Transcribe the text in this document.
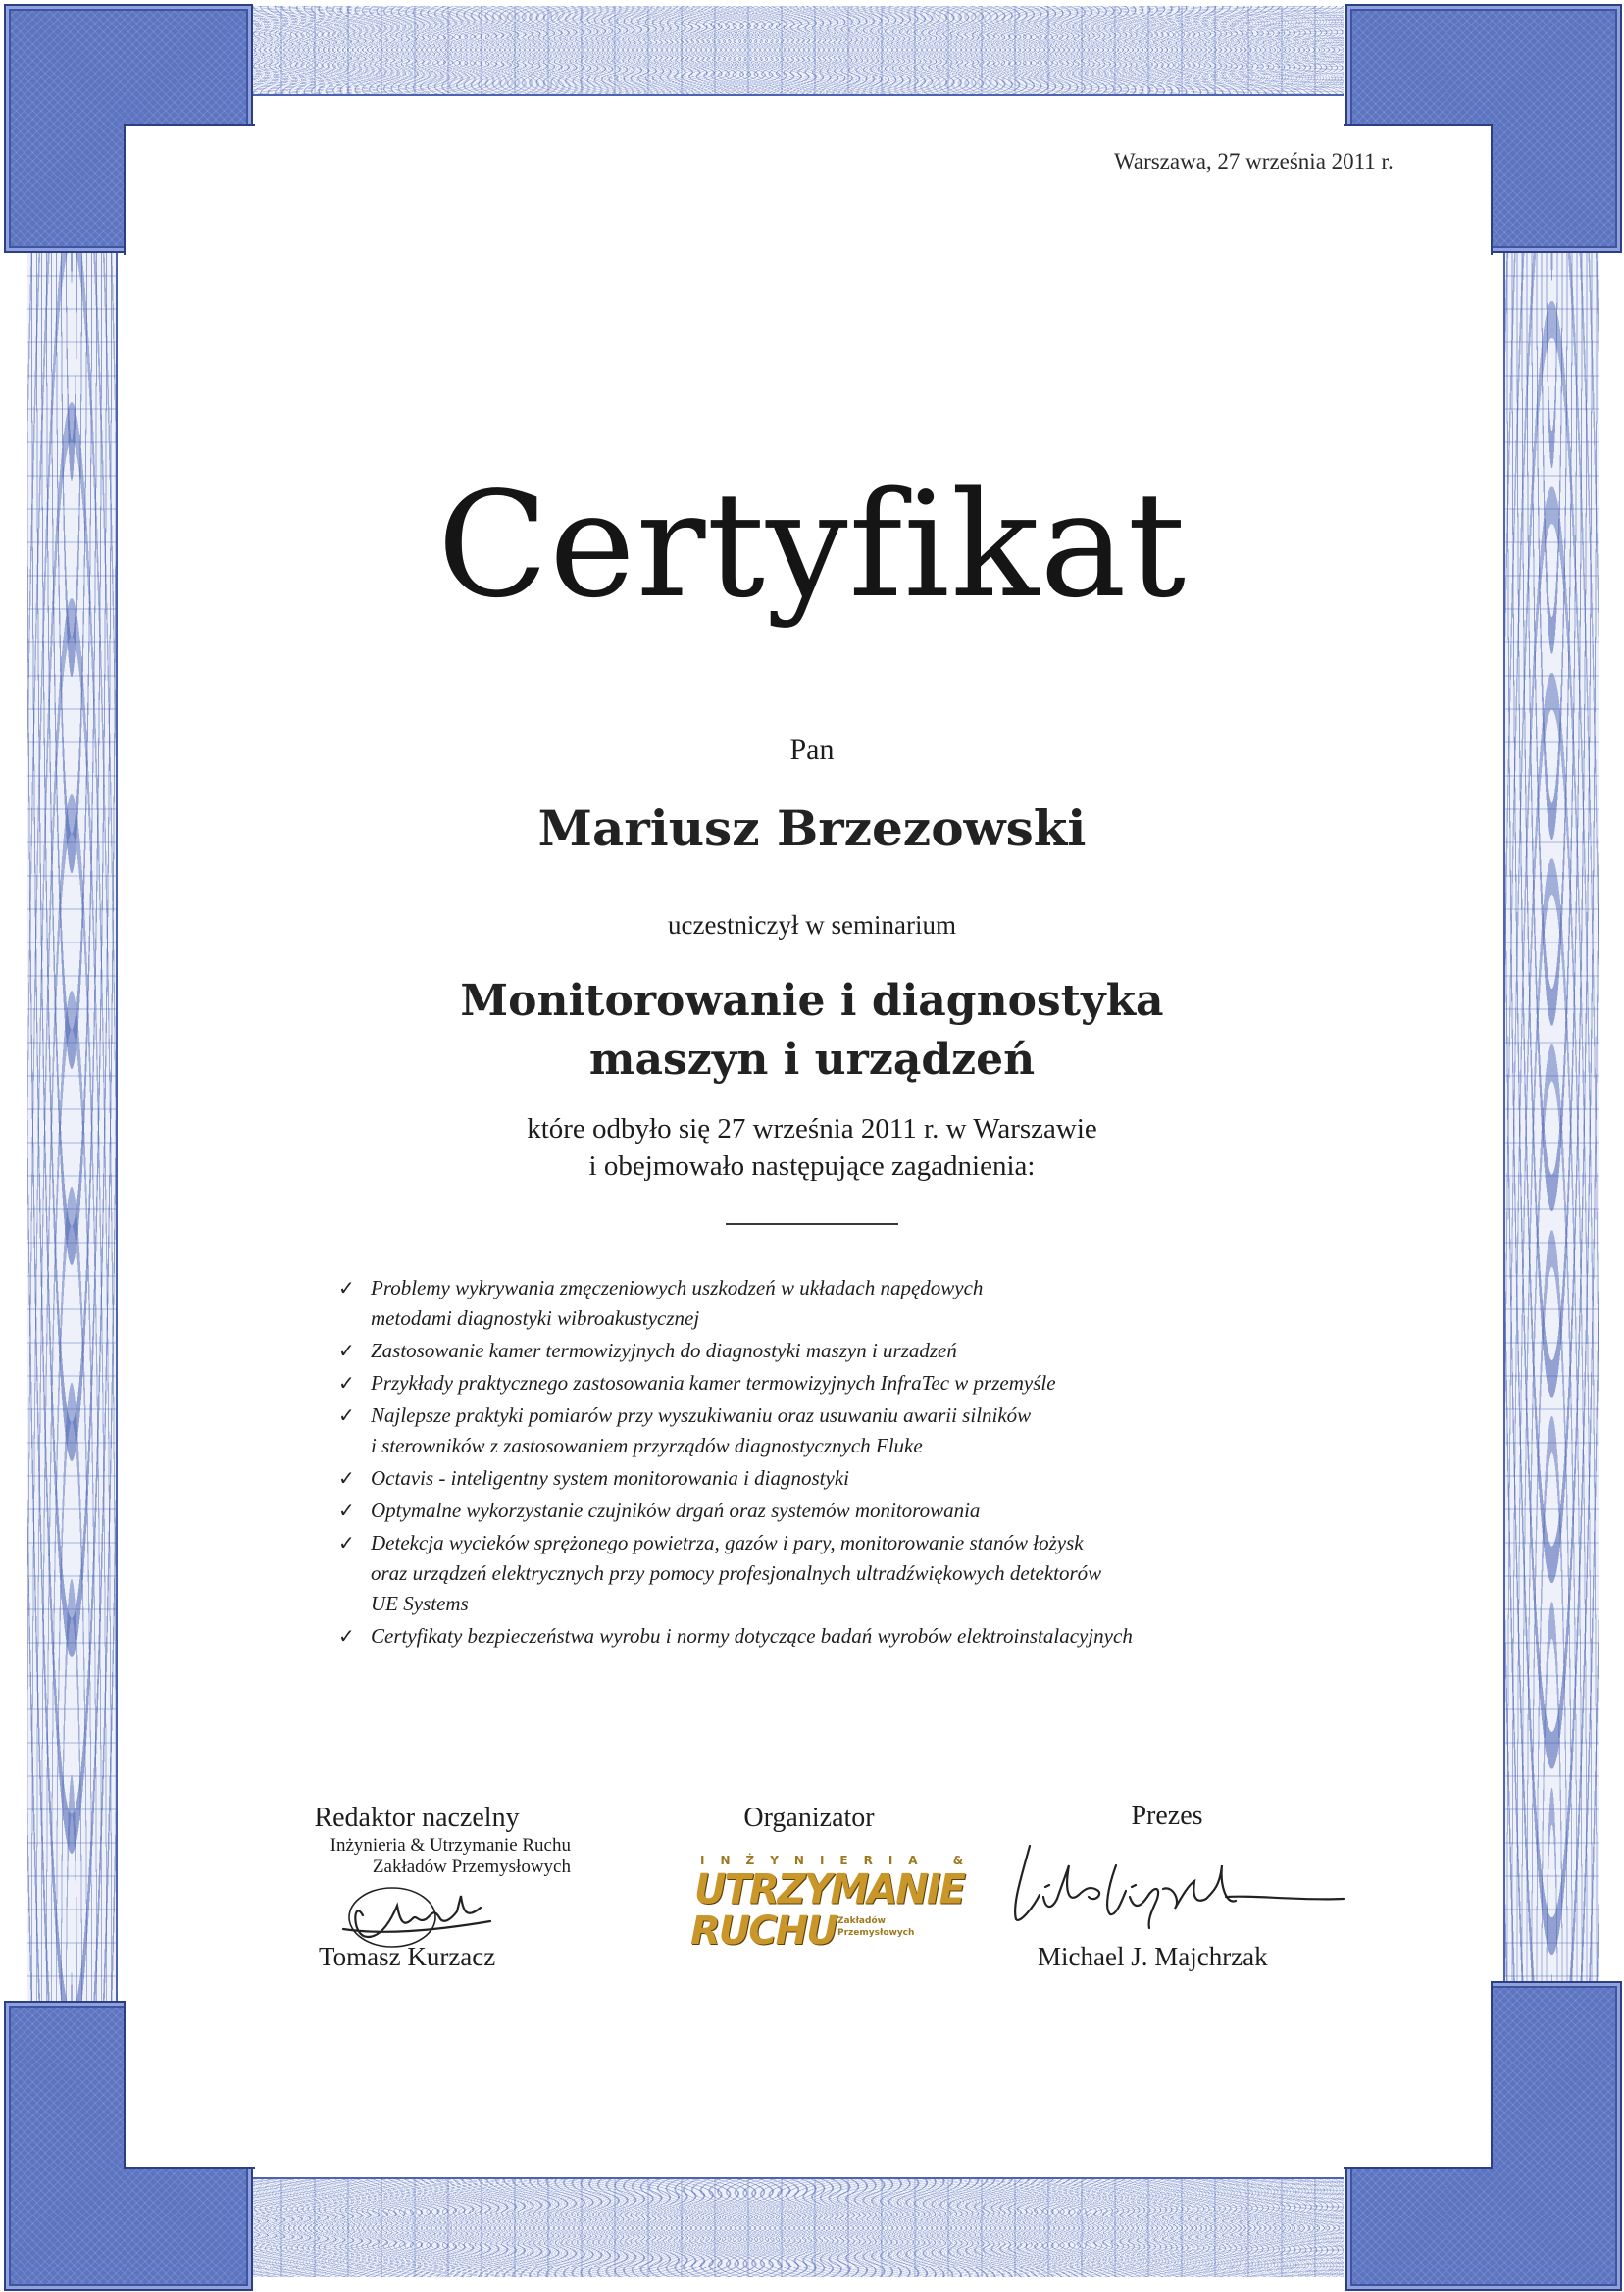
Warszawa, 27 września 2011 r.
Certyfikat
Pan
Mariusz Brzezowski
uczestniczył w seminarium
Monitorowanie i diagnostyka
maszyn i urządzeń
które odbyło się 27 września 2011 r. w Warszawie
i obejmowało następujące zagadnienia:
✓ Problemy wykrywania zmęczeniowych uszkodzeń w układach napędowych
metodami diagnostyki wibroakustycznej
✓ Zastosowanie kamer termowizyjnych do diagnostyki maszyn i urzadzeń
✓ Przykłady praktycznego zastosowania kamer termowizyjnych InfraTec w przemyśle
✓ Najlepsze praktyki pomiarów przy wyszukiwaniu oraz usuwaniu awarii silników
i sterowników z zastosowaniem przyrządów diagnostycznych Fluke
✓ Octavis - inteligentny system monitorowania i diagnostyki
✓ Optymalne wykorzystanie czujników drgań oraz systemów monitorowania
✓ Detekcja wycieków sprężonego powietrza, gazów i pary, monitorowanie stanów łożysk
oraz urządzeń elektrycznych przy pomocy profesjonalnych ultradźwiękowych detektorów
UE Systems
✓ Certyfikaty bezpieczeństwa wyrobu i normy dotyczące badań wyrobów elektroinstalacyjnych
Redaktor naczelny
Inżynieria & Utrzymanie Ruchu
Zakładów Przemysłowych
Tomasz Kurzacz
Organizator
INŻYNIERIA &
UTRZYMANIE
RUCHU Zakładów
Przemysłowych
Prezes
Michael J. Majchrzak
